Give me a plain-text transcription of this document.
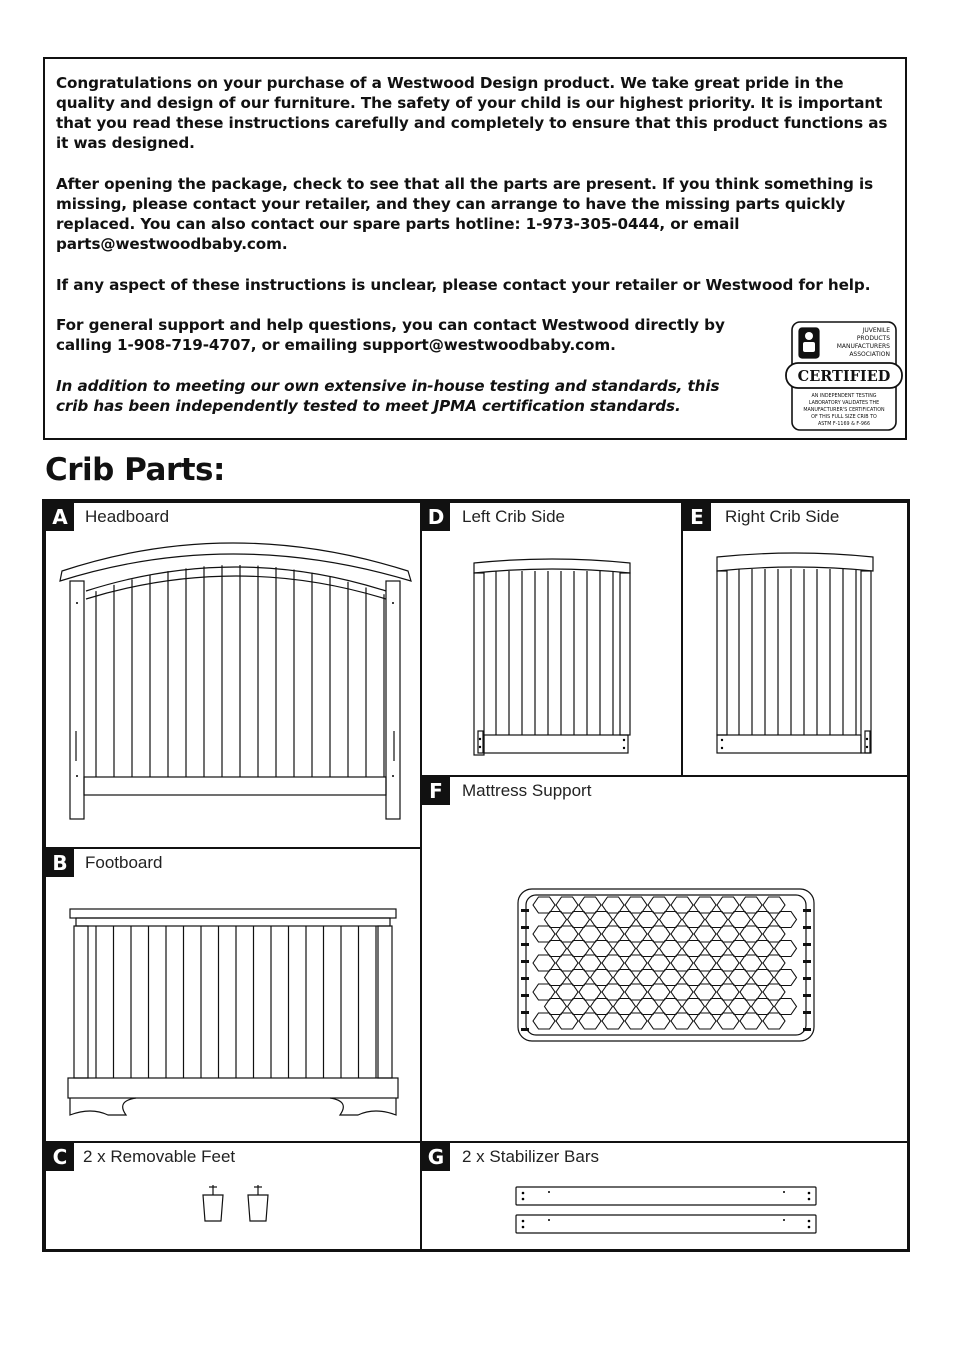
Congratulations on your purchase of a Westwood Design product. We take great pride in the quality and design of our furniture. The safety of your child is our highest priority. It is important that you read these instructions carefully and completely to ensure that this product functions as it was designed.

After opening the package, check to see that all the parts are present. If you think something is missing, please contact your retailer, and they can arrange to have the missing parts quickly replaced. You can also contact our spare parts hotline: 1-973-305-0444, or email parts@westwoodbaby.com.

If any aspect of these instructions is unclear, please contact your retailer or Westwood for help.

For general support and help questions, you can contact Westwood directly by calling 1-908-719-4707, or emailing support@westwoodbaby.com.

In addition to meeting our own extensive in-house testing and standards, this crib has been independently tested to meet JPMA certification standards.

JUVENILE
PRODUCTS
MANUFACTURERS
ASSOCIATION
CERTIFIED
AN INDEPENDENT TESTING
LABORATORY VALIDATES THE
MANUFACTURER'S CERTIFICATION
OF THIS FULL SIZE CRIB TO
ASTM F-1169 & F-966
Crib Parts:
A	Headboard
B	Footboard
C 2 x Removable Feet
D	Left Crib Side	E	Right Crib Side
F	Mattress Support
G	2 x Stabilizer Bars
